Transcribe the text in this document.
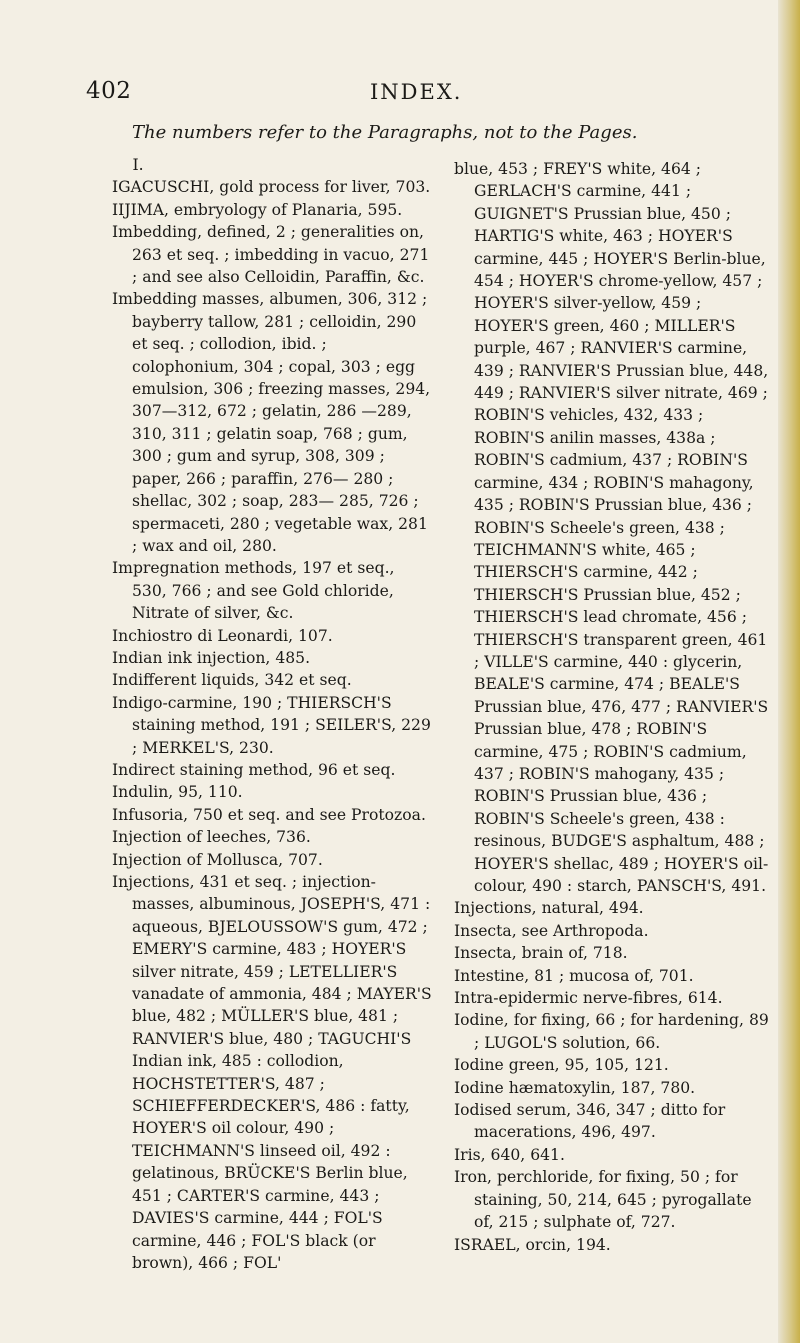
402	INDEX.
The numbers refer to the Paragraphs, not to the Pages.
I.

IGACUSCHI, gold process for liver, 703.

IIJIMA, embryology of Planaria, 595.

Imbedding, defined, 2 ; generalities on, 263 et seq. ; imbedding in vacuo, 271 ; and see also Celloidin, Paraffin, &c.

Imbedding masses, albumen, 306, 312 ; bayberry tallow, 281 ; celloidin, 290 et seq. ; collodion, ibid. ; colophonium, 304 ; copal, 303 ; egg emulsion, 306 ; freezing masses, 294, 307—312, 672 ; gelatin, 286 —289, 310, 311 ; gelatin soap, 768 ; gum, 300 ; gum and syrup, 308, 309 ; paper, 266 ; paraffin, 276— 280 ; shellac, 302 ; soap, 283— 285, 726 ; spermaceti, 280 ; vegetable wax, 281 ; wax and oil, 280.

Impregnation methods, 197 et seq., 530, 766 ; and see Gold chloride, Nitrate of silver, &c.

Inchiostro di Leonardi, 107.

Indian ink injection, 485.

Indifferent liquids, 342 et seq.

Indigo-carmine, 190 ; THIERSCH'S staining method, 191 ; SEILER'S, 229 ; MERKEL'S, 230.

Indirect staining method, 96 et seq.

Indulin, 95, 110.

Infusoria, 750 et seq. and see Protozoa.

Injection of leeches, 736.

Injection of Mollusca, 707.

Injections, 431 et seq. ; injection-masses, albuminous, JOSEPH'S, 471 : aqueous, BJELOUSSOW'S gum, 472 ; EMERY'S carmine, 483 ; HOYER'S silver nitrate, 459 ; LETELLIER'S vanadate of ammonia, 484 ; MAYER'S blue, 482 ; MÜLLER'S blue, 481 ; RANVIER'S blue, 480 ; TAGUCHI'S Indian ink, 485 : collodion, HOCHSTETTER'S, 487 ; SCHIEFFERDECKER'S, 486 : fatty, HOYER'S oil colour, 490 ; TEICHMANN'S linseed oil, 492 : gelatinous, BRÜCKE'S Berlin blue, 451 ; CARTER'S carmine, 443 ; DAVIES'S carmine, 444 ; FOL'S carmine, 446 ; FOL'S black (or brown), 466 ; FOL'

blue, 453 ; FREY'S white, 464 ; GERLACH'S carmine, 441 ; GUIGNET'S Prussian blue, 450 ; HARTIG'S white, 463 ; HOYER'S carmine, 445 ; HOYER'S Berlin-blue, 454 ; HOYER'S chrome-yellow, 457 ; HOYER'S silver-yellow, 459 ; HOYER'S green, 460 ; MILLER'S purple, 467 ; RANVIER'S carmine, 439 ; RANVIER'S Prussian blue, 448, 449 ; RANVIER'S silver nitrate, 469 ; ROBIN'S vehicles, 432, 433 ; ROBIN'S anilin masses, 438a ; ROBIN'S cadmium, 437 ; ROBIN'S carmine, 434 ; ROBIN'S mahagony, 435 ; ROBIN'S Prussian blue, 436 ; ROBIN'S Scheele's green, 438 ; TEICHMANN'S white, 465 ; THIERSCH'S carmine, 442 ; THIERSCH'S Prussian blue, 452 ; THIERSCH'S lead chromate, 456 ; THIERSCH'S transparent green, 461 ; VILLE'S carmine, 440 : glycerin, BEALE'S carmine, 474 ; BEALE'S Prussian blue, 476, 477 ; RANVIER'S Prussian blue, 478 ; ROBIN'S carmine, 475 ; ROBIN'S cadmium, 437 ; ROBIN'S mahogany, 435 ; ROBIN'S Prussian blue, 436 ; ROBIN'S Scheele's green, 438 : resinous, BUDGE'S asphaltum, 488 ; HOYER'S shellac, 489 ; HOYER'S oil-colour, 490 : starch, PANSCH'S, 491.

Injections, natural, 494.

Insecta, see Arthropoda.

Insecta, brain of, 718.

Intestine, 81 ; mucosa of, 701.

Intra-epidermic nerve-fibres, 614.

Iodine, for fixing, 66 ; for hardening, 89 ; LUGOL'S solution, 66.

Iodine green, 95, 105, 121.

Iodine hæmatoxylin, 187, 780.

Iodised serum, 346, 347 ; ditto for macerations, 496, 497.

Iris, 640, 641.

Iron, perchloride, for fixing, 50 ; for staining, 50, 214, 645 ; pyrogallate of, 215 ; sulphate of, 727.

ISRAEL, orcin, 194.
